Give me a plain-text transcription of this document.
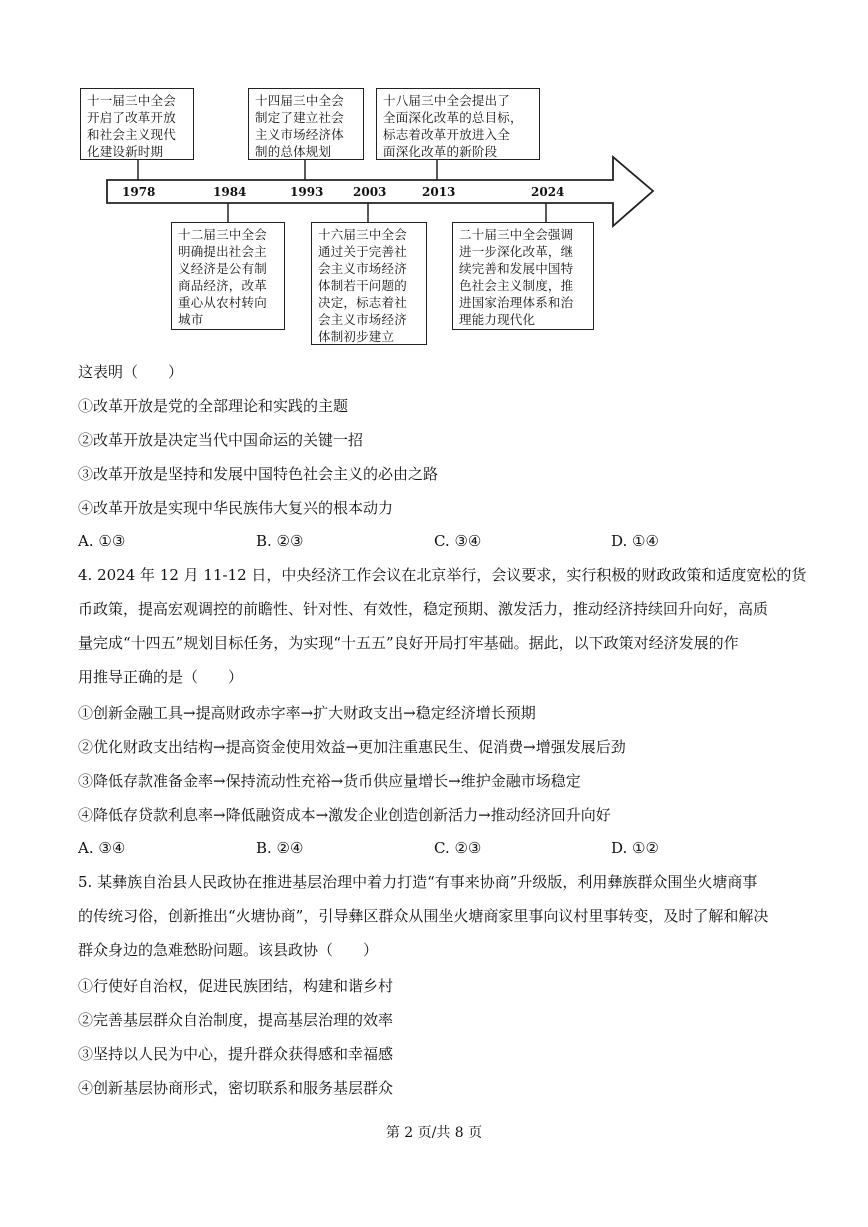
1978	1984	1993 2003	2013	2024
十一届三中全会
开启了改革开放
和社会主义现代
化建设新时期
十四届三中全会
制定了建立社会
主义市场经济体
制的总体规划
十八届三中全会提出了
全面深化改革的总目标，
标志着改革开放进入全
面深化改革的新阶段
十二届三中全会
明确提出社会主
义经济是公有制
商品经济，改革
重心从农村转向
城市
十六届三中全会
通过关于完善社
会主义市场经济
体制若干问题的
决定，标志着社
会主义市场经济
体制初步建立
二十届三中全会强调
进一步深化改革，继
续完善和发展中国特
色社会主义制度，推
进国家治理体系和治
理能力现代化
这表明（　　）
①改革开放是党的全部理论和实践的主题
②改革开放是决定当代中国命运的关键一招
③改革开放是坚持和发展中国特色社会主义的必由之路
④改革开放是实现中华民族伟大复兴的根本动力
A. ①③	B. ②③	C. ③④	D. ①④
4. 2024 年 12 月 11-12 日，中央经济工作会议在北京举行，会议要求，实行积极的财政政策和适度宽松的货
币政策，提高宏观调控的前瞻性、针对性、有效性，稳定预期、激发活力，推动经济持续回升向好，高质
量完成“十四五”规划目标任务，为实现“十五五”良好开局打牢基础。据此，以下政策对经济发展的作
用推导正确的是（　　）
①创新金融工具→提高财政赤字率→扩大财政支出→稳定经济增长预期
②优化财政支出结构→提高资金使用效益→更加注重惠民生、促消费→增强发展后劲
③降低存款准备金率→保持流动性充裕→货币供应量增长→维护金融市场稳定
④降低存贷款利息率→降低融资成本→激发企业创造创新活力→推动经济回升向好
A. ③④	B. ②④	C. ②③	D. ①②
5. 某彝族自治县人民政协在推进基层治理中着力打造“有事来协商”升级版，利用彝族群众围坐火塘商事
的传统习俗，创新推出“火塘协商”，引导彝区群众从围坐火塘商家里事向议村里事转变，及时了解和解决
群众身边的急难愁盼问题。该县政协（　　）
①行使好自治权，促进民族团结，构建和谐乡村
②完善基层群众自治制度，提高基层治理的效率
③坚持以人民为中心，提升群众获得感和幸福感
④创新基层协商形式，密切联系和服务基层群众
第 2 页/共 8 页
